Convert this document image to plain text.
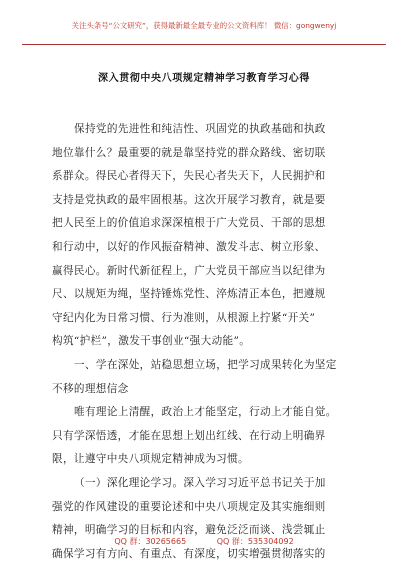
关注头条号“公文研究”，获得最新最全最专业的公文资料库！ 微信：gongwenyj
深入贯彻中央八项规定精神学习教育学习心得
保持党的先进性和纯洁性、巩固党的执政基础和执政
地位靠什么？最重要的就是靠坚持党的群众路线、密切联
系群众。得民心者得天下，失民心者失天下，人民拥护和
支持是党执政的最牢固根基。这次开展学习教育，就是要
把人民至上的价值追求深深植根于广大党员、干部的思想
和行动中，以好的作风振奋精神、激发斗志、树立形象、
赢得民心。新时代新征程上，广大党员干部应当以纪律为
尺、以规矩为绳，坚持锤炼党性、淬炼清正本色，把遵规
守纪内化为日常习惯、行为准则，从根源上拧紧“开关”
构筑“护栏”，激发干事创业“强大动能”。
一、学在深处，站稳思想立场，把学习成果转化为坚定
不移的理想信念
唯有理论上清醒，政治上才能坚定，行动上才能自觉。
只有学深悟透，才能在思想上划出红线、在行动上明确界
限，让遵守中央八项规定精神成为习惯。
（一）深化理论学习。深入学习习近平总书记关于加
强党的作风建设的重要论述和中央八项规定及其实施细则
精神，明确学习的目标和内容，避免泛泛而谈、浅尝辄止
确保学习有方向、有重点、有深度，切实增强贯彻落实的
QQ 群：30265665	QQ 群：535304092
